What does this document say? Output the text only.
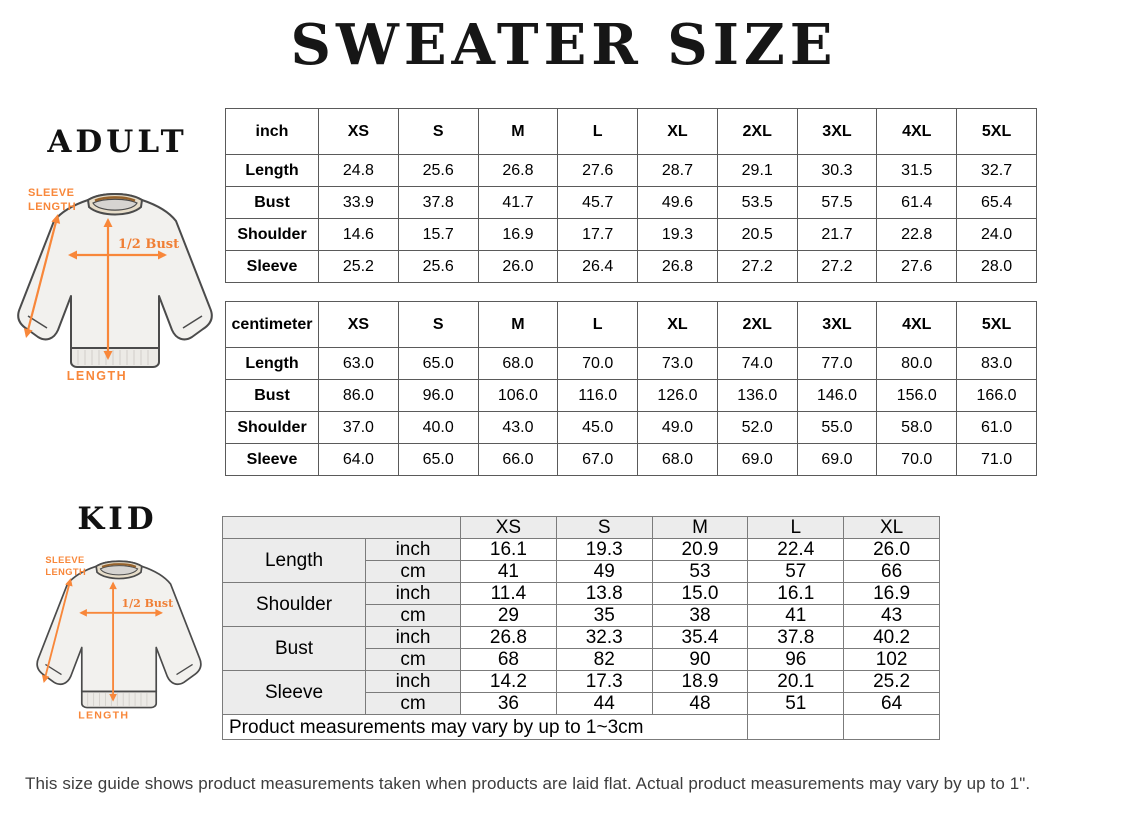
SWEATER SIZE
ADULT
SLEEVE
LENGTH
1/2 Bust
LENGTH
inch	XS	S	M	L	XL	2XL	3XL	4XL	5XL
Length	24.8	25.6	26.8	27.6	28.7	29.1	30.3	31.5	32.7
Bust	33.9	37.8	41.7	45.7	49.6	53.5	57.5	61.4	65.4
Shoulder	14.6	15.7	16.9	17.7	19.3	20.5	21.7	22.8	24.0
Sleeve	25.2	25.6	26.0	26.4	26.8	27.2	27.2	27.6	28.0
centimeter	XS	S	M	L	XL	2XL	3XL	4XL	5XL
Length	63.0	65.0	68.0	70.0	73.0	74.0	77.0	80.0	83.0
Bust	86.0	96.0	106.0	116.0	126.0	136.0	146.0	156.0	166.0
Shoulder	37.0	40.0	43.0	45.0	49.0	52.0	55.0	58.0	61.0
Sleeve	64.0	65.0	66.0	67.0	68.0	69.0	69.0	70.0	71.0
KID
SLEEVE
LENGTH
1/2 Bust
LENGTH
		XS	S	M	L	XL
Length	inch	16.1	19.3	20.9	22.4	26.0
	cm	41	49	53	57	66
Shoulder	inch	11.4	13.8	15.0	16.1	16.9
	cm	29	35	38	41	43
Bust	inch	26.8	32.3	35.4	37.8	40.2
	cm	68	82	90	96	102
Sleeve	inch	14.2	17.3	18.9	20.1	25.2
	cm	36	44	48	51	64
Product measurements may vary by up to 1~3cm						

This size guide shows product measurements taken when products are laid flat. Actual product measurements may vary by up to 1".
